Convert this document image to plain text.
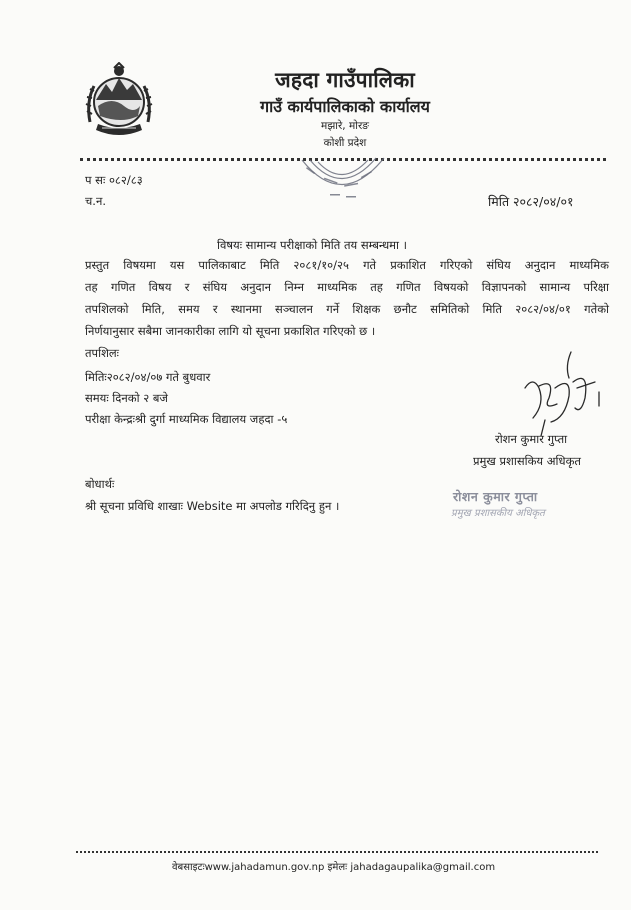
जहदा गाउँपालिका
गाउँ कार्यपालिकाको कार्यालय
मझारे, मोरङ
कोशी प्रदेश
प सः ०८२/८३
च.न.	मिति २०८२/०४/०१
विषयः सामान्य परीक्षाको मिति तय सम्बन्धमा ।
प्रस्तुत विषयमा यस पालिकाबाट मिति २०८१/१०/२५ गते प्रकाशित गरिएको संघिय अनुदान माध्यमिक
तह गणित विषय र संघिय अनुदान निम्न माध्यमिक तह गणित विषयको विज्ञापनको सामान्य परिक्षा
तपशिलको मिति, समय र स्थानमा सञ्चालन गर्ने शिक्षक छनौट समितिको मिति २०८२/०४/०१ गतेको
निर्णयानुसार सबैमा जानकारीका लागि यो सूचना प्रकाशित गरिएको छ ।
तपशिलः
मितिः२०८२/०४/०७ गते बुधवार
समयः दिनको २ बजे
परीक्षा केन्द्रःश्री दुर्गा माध्यमिक विद्यालय जहदा -५
रोशन कुमार गुप्ता
प्रमुख प्रशासकिय अधिकृत
बोधार्थः
श्री सूचना प्रविधि शाखाः Website मा अपलोड गरिदिनु हुन ।
रोशन कुमार गुप्ता
प्रमुख प्रशासकीय अधिकृत
वेबसाइटःwww.jahadamun.gov.np इमेलः jahadagaupalika@gmail.com
